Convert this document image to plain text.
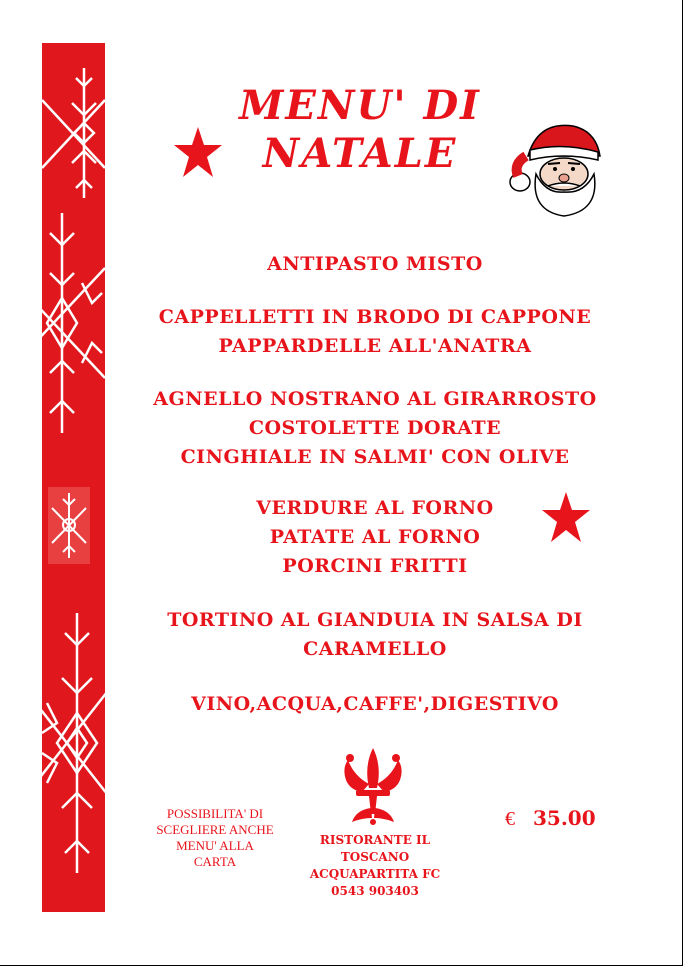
MENU' DI
NATALE
ANTIPASTO MISTO
CAPPELLETTI IN BRODO DI CAPPONE
PAPPARDELLE ALL'ANATRA
AGNELLO NOSTRANO AL GIRARROSTO
COSTOLETTE DORATE
CINGHIALE IN SALMI' CON OLIVE
VERDURE AL FORNO
PATATE AL FORNO
PORCINI FRITTI
TORTINO AL GIANDUIA IN SALSA DI
CARAMELLO
VINO,ACQUA,CAFFE',DIGESTIVO
POSSIBILITA' DI
SCEGLIERE ANCHE
MENU' ALLA
CARTA
RISTORANTE IL TOSCANO
ACQUAPARTITA FC
0543 903403
€ 35.00
